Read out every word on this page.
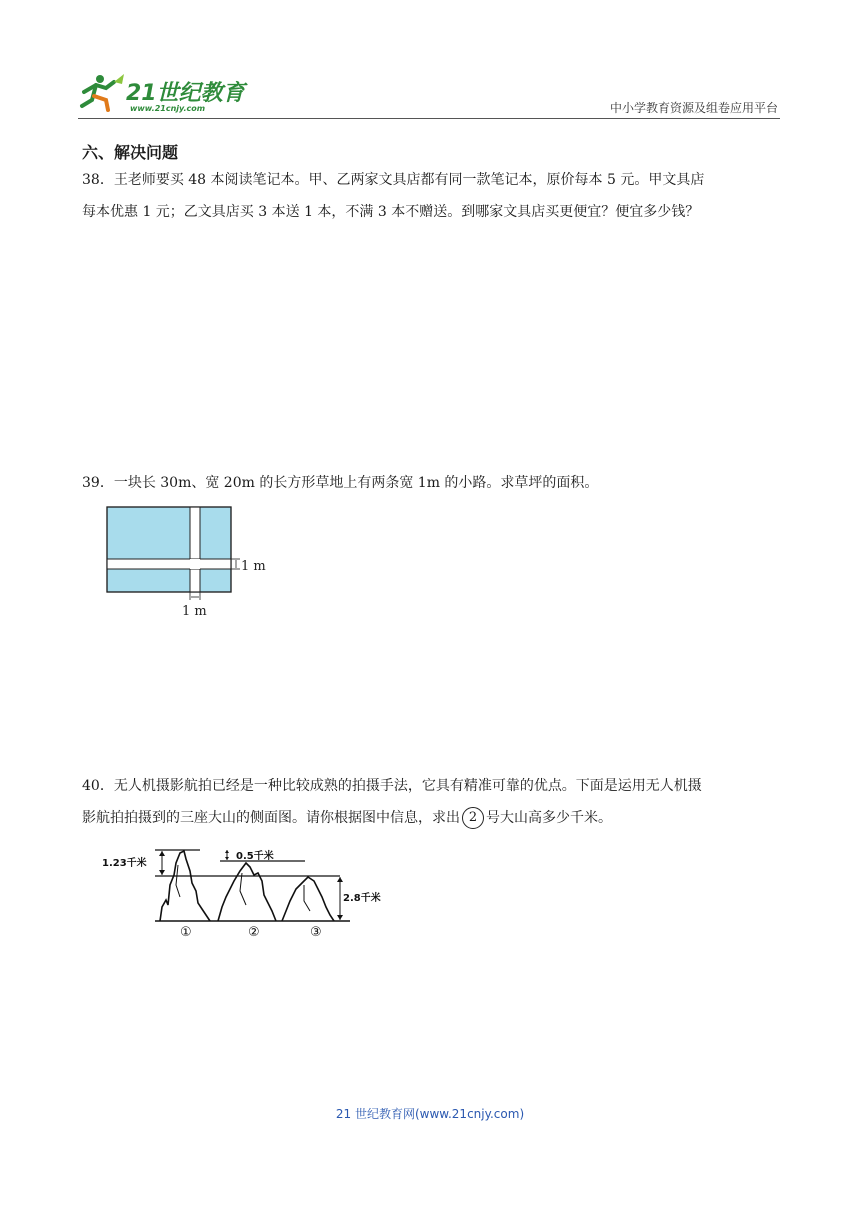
21世纪教育
www.21cnjy.com	中小学教育资源及组卷应用平台
六、解决问题

38．王老师要买 48 本阅读笔记本。甲、乙两家文具店都有同一款笔记本，原价每本 5 元。甲文具店

每本优惠 1 元；乙文具店买 3 本送 1 本，不满 3 本不赠送。到哪家文具店买更便宜？便宜多少钱？

39．一块长 30m、宽 20m 的长方形草地上有两条宽 1m 的小路。求草坪的面积。

1 m
1 m

40．无人机摄影航拍已经是一种比较成熟的拍摄手法，它具有精准可靠的优点。下面是运用无人机摄

影航拍拍摄到的三座大山的侧面图。请你根据图中信息，求出 2 号大山高多少千米。

1.23千米
0.5千米
2.8千米
①	②	③
21 世纪教育网(www.21cnjy.com)
